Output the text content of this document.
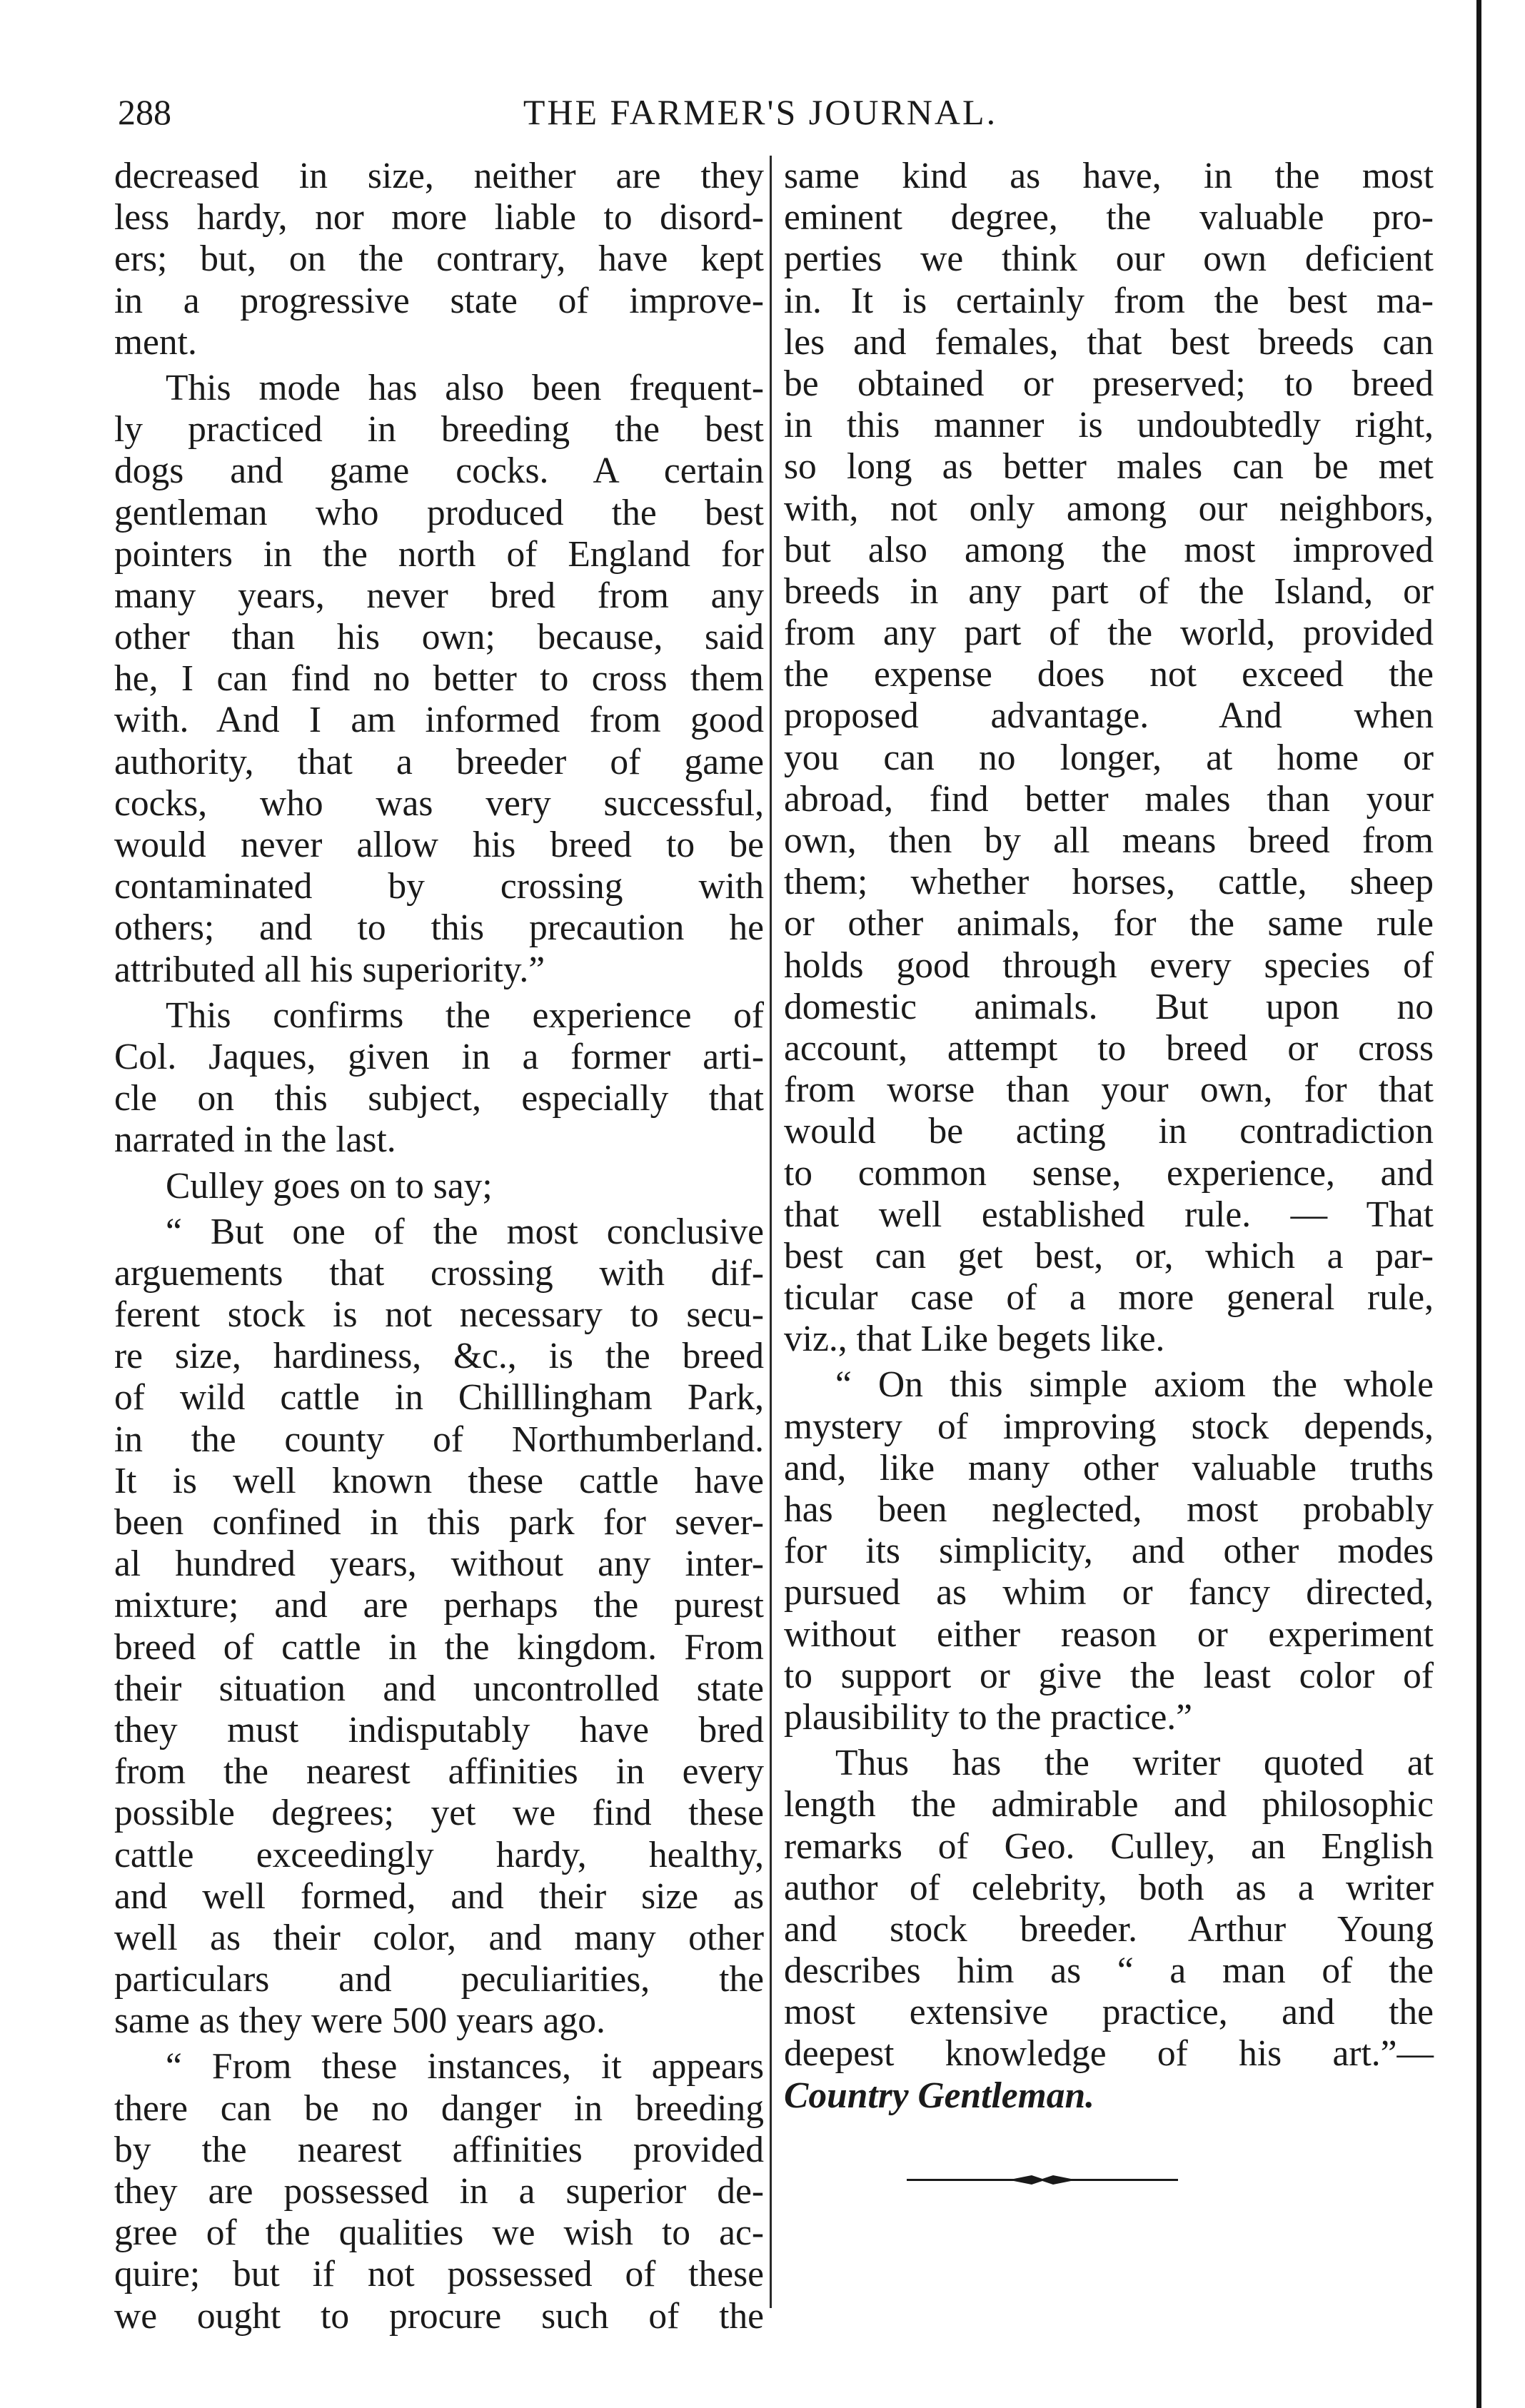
288	THE FARMER'S JOURNAL.
decreased in size, neither are they
less hardy, nor more liable to disord-
ers; but, on the contrary, have kept
in a progressive state of improve-
ment.
This mode has also been frequent-
ly practiced in breeding the best
dogs and game cocks. A certain
gentleman who produced the best
pointers in the north of England for
many years, never bred from any
other than his own; because, said
he, I can find no better to cross them
with. And I am informed from good
authority, that a breeder of game
cocks, who was very successful,
would never allow his breed to be
contaminated by crossing with
others; and to this precaution he
attributed all his superiority.”
This confirms the experience of
Col. Jaques, given in a former arti-
cle on this subject, especially that
narrated in the last.
Culley goes on to say;
“ But one of the most conclusive
arguements that crossing with dif-
ferent stock is not necessary to secu-
re size, hardiness, &c., is the breed
of wild cattle in Chilllingham Park,
in the county of Northumberland.
It is well known these cattle have
been confined in this park for sever-
al hundred years, without any inter-
mixture; and are perhaps the purest
breed of cattle in the kingdom. From
their situation and uncontrolled state
they must indisputably have bred
from the nearest affinities in every
possible degrees; yet we find these
cattle exceedingly hardy, healthy,
and well formed, and their size as
well as their color, and many other
particulars and peculiarities, the
same as they were 500 years ago.
“ From these instances, it appears
there can be no danger in breeding
by the nearest affinities provided
they are possessed in a superior de-
gree of the qualities we wish to ac-
quire; but if not possessed of these
we ought to procure such of the
same kind as have, in the most
eminent degree, the valuable pro-
perties we think our own deficient
in. It is certainly from the best ma-
les and females, that best breeds can
be obtained or preserved; to breed
in this manner is undoubtedly right,
so long as better males can be met
with, not only among our neighbors,
but also among the most improved
breeds in any part of the Island, or
from any part of the world, provided
the expense does not exceed the
proposed advantage. And when
you can no longer, at home or
abroad, find better males than your
own, then by all means breed from
them; whether horses, cattle, sheep
or other animals, for the same rule
holds good through every species of
domestic animals. But upon no
account, attempt to breed or cross
from worse than your own, for that
would be acting in contradiction
to common sense, experience, and
that well established rule. — That
best can get best, or, which a par-
ticular case of a more general rule,
viz., that Like begets like.
“ On this simple axiom the whole
mystery of improving stock depends,
and, like many other valuable truths
has been neglected, most probably
for its simplicity, and other modes
pursued as whim or fancy directed,
without either reason or experiment
to support or give the least color of
plausibility to the practice.”
Thus has the writer quoted at
length the admirable and philosophic
remarks of Geo. Culley, an English
author of celebrity, both as a writer
and stock breeder. Arthur Young
describes him as “ a man of the
most extensive practice, and the
deepest knowledge of his art.”—
Country Gentleman.
